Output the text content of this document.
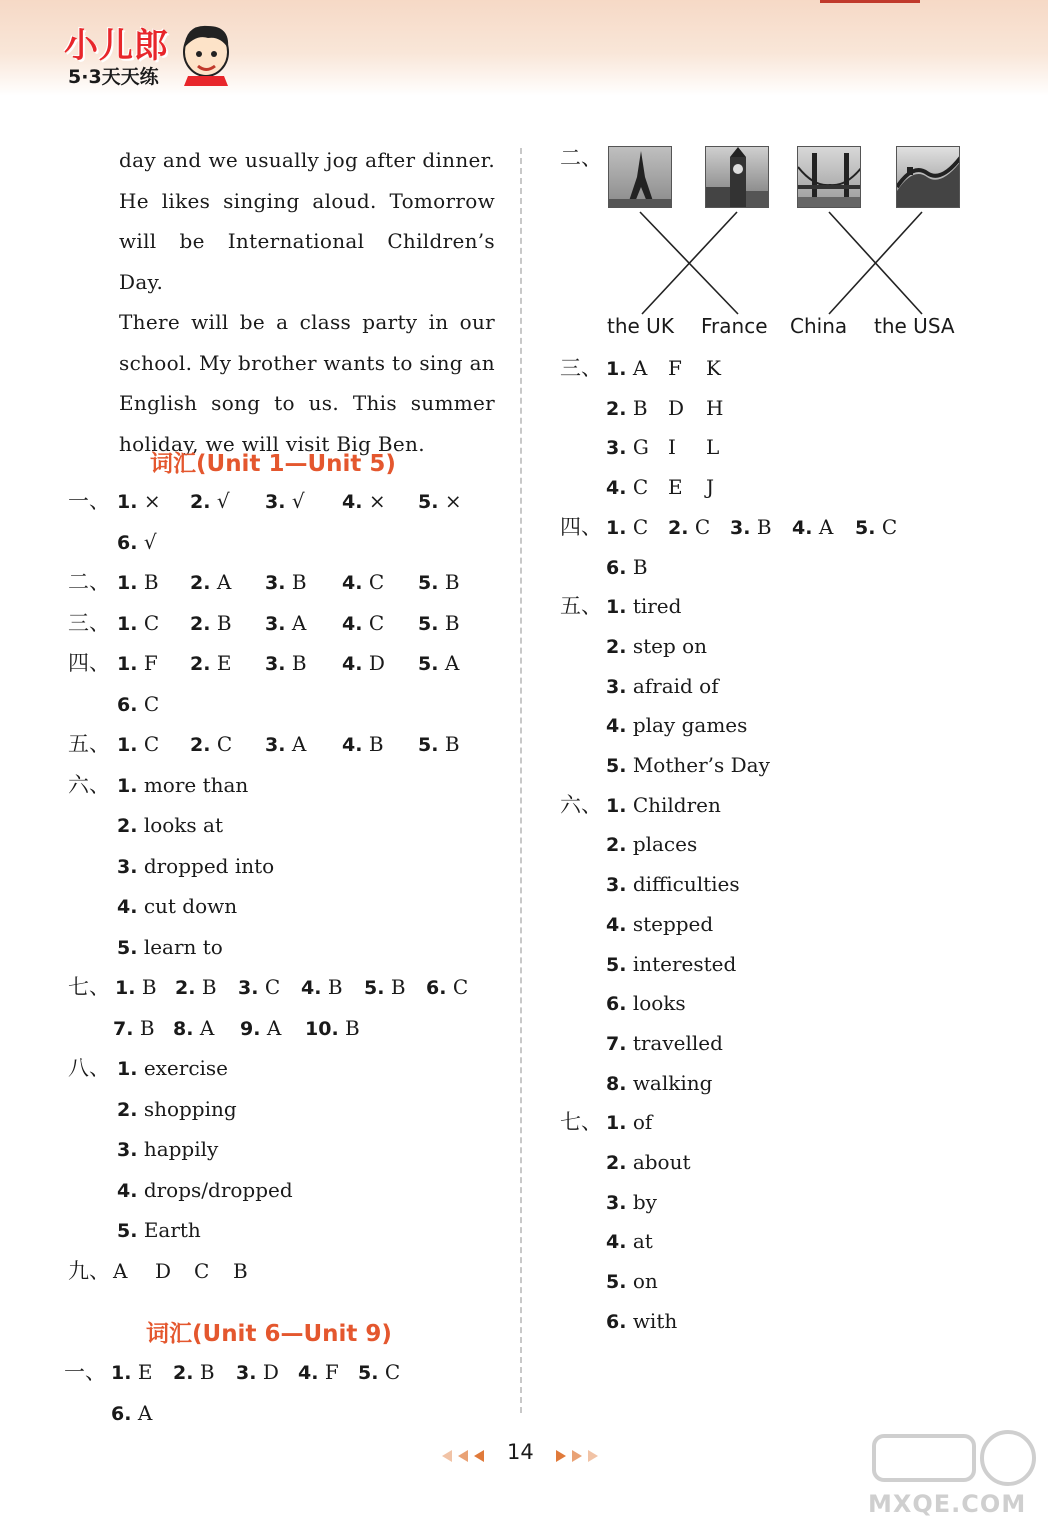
小儿郎
5·3天天练

day and we usually jog after dinner.

He likes singing aloud. Tomorrow

will be International Children’s Day.

There will be a class party in our

school. My brother wants to sing an

English song to us. This summer

holiday, we will visit Big Ben.

词汇(Unit 1—Unit 5)
词汇(Unit 6—Unit 9)
一、 1. × 2. √ 3. √ 4. × 5. ×
6. √
二、 1. B 2. A 3. B 4. C 5. B
三、 1. C 2. B 3. A 4. C 5. B
四、 1. F 2. E 3. B 4. D 5. A
6. C
五、 1. C 2. C 3. A 4. B 5. B
六、 1. more than
2. looks at
3. dropped into
4. cut down
5. learn to
七、 1. B 2. B 3. C 4. B 5. B 6. C
7. B 8. A 9. A 10. B
八、 1. exercise
2. shopping
3. happily
4. drops/dropped
5. Earth
九、 A D C B
一、 1. E 2. B 3. D 4. F 5. C
6. A
三、 1. A F K
2. B D H
3. G I L
4. C E J
四、 1. C 2. C 3. B 4. A 5. C
6. B
五、 1. tired
2. step on
3. afraid of
4. play games
5. Mother’s Day
六、 1. Children
2. places
3. difficulties
4. stepped
5. interested
6. looks
7. travelled
8. walking
七、 1. of
2. about
3. by
4. at
5. on
6. with
二、
the UK France China the USA
14
MXQE.COM
